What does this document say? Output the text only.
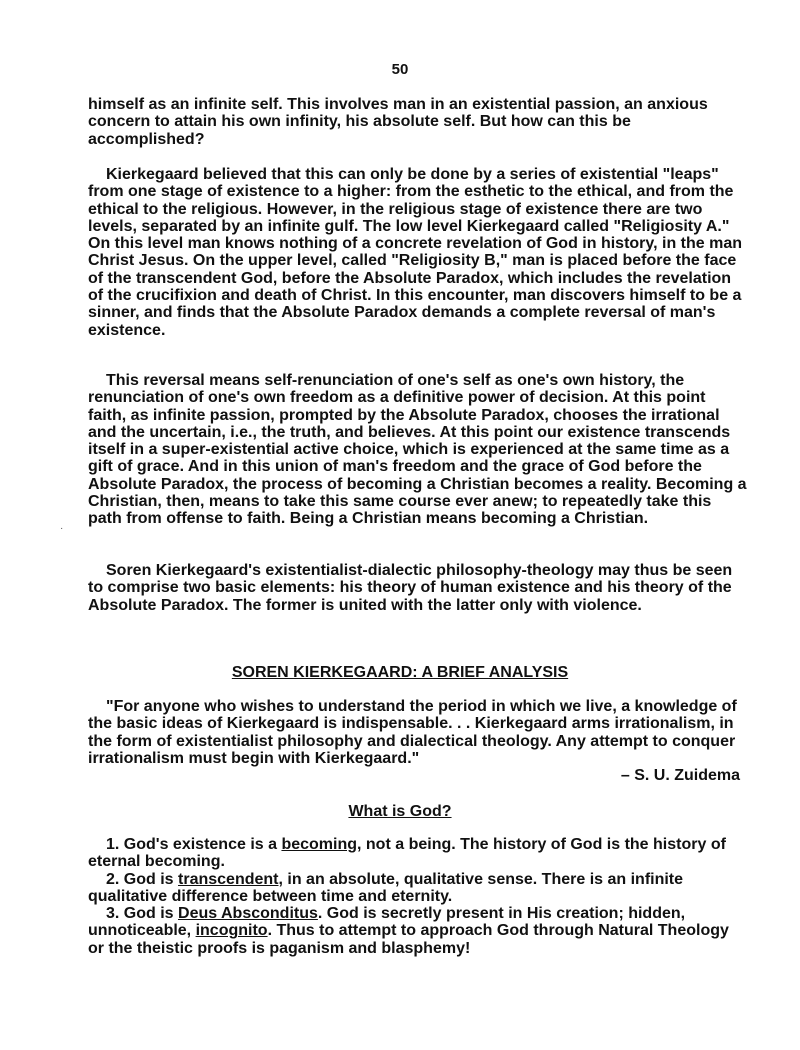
50

himself as an infinite self. This involves man in an existential passion, an anxious concern to attain his own infinity, his absolute self. But how can this be accomplished?

Kierkegaard believed that this can only be done by a series of existential "leaps" from one stage of existence to a higher: from the esthetic to the ethical, and from the ethical to the religious. However, in the religious stage of existence there are two levels, separated by an infinite gulf. The low level Kierkegaard called "Religiosity A." On this level man knows nothing of a concrete revelation of God in history, in the man Christ Jesus. On the upper level, called "Religiosity B," man is placed before the face of the transcendent God, before the Absolute Paradox, which includes the revelation of the crucifixion and death of Christ. In this encounter, man discovers himself to be a sinner, and finds that the Absolute Paradox demands a complete reversal of man's existence.

This reversal means self-renunciation of one's self as one's own history, the renunciation of one's own freedom as a definitive power of decision. At this point faith, as infinite passion, prompted by the Absolute Paradox, chooses the irrational and the uncertain, i.e., the truth, and believes. At this point our existence transcends itself in a super-existential active choice, which is experienced at the same time as a gift of grace. And in this union of man's freedom and the grace of God before the Absolute Paradox, the process of becoming a Christian becomes a reality. Becoming a Christian, then, means to take this same course ever anew; to repeatedly take this path from offense to faith. Being a Christian means becoming a Christian.

·

Soren Kierkegaard's existentialist-dialectic philosophy-theology may thus be seen to comprise two basic elements: his theory of human existence and his theory of the Absolute Paradox. The former is united with the latter only with violence.

SOREN KIERKEGAARD: A BRIEF ANALYSIS

"For anyone who wishes to understand the period in which we live, a knowledge of the basic ideas of Kierkegaard is indispensable. . . Kierkegaard arms irrationalism, in the form of existentialist philosophy and dialectical theology. Any attempt to conquer irrationalism must begin with Kierkegaard."

– S. U. Zuidema
What is God?

1. God's existence is a becoming, not a being. The history of God is the history of eternal becoming.

2. God is transcendent, in an absolute, qualitative sense. There is an infinite qualitative difference between time and eternity.

3. God is Deus Absconditus. God is secretly present in His creation; hidden, unnoticeable, incognito. Thus to attempt to approach God through Natural Theology or the theistic proofs is paganism and blasphemy!
